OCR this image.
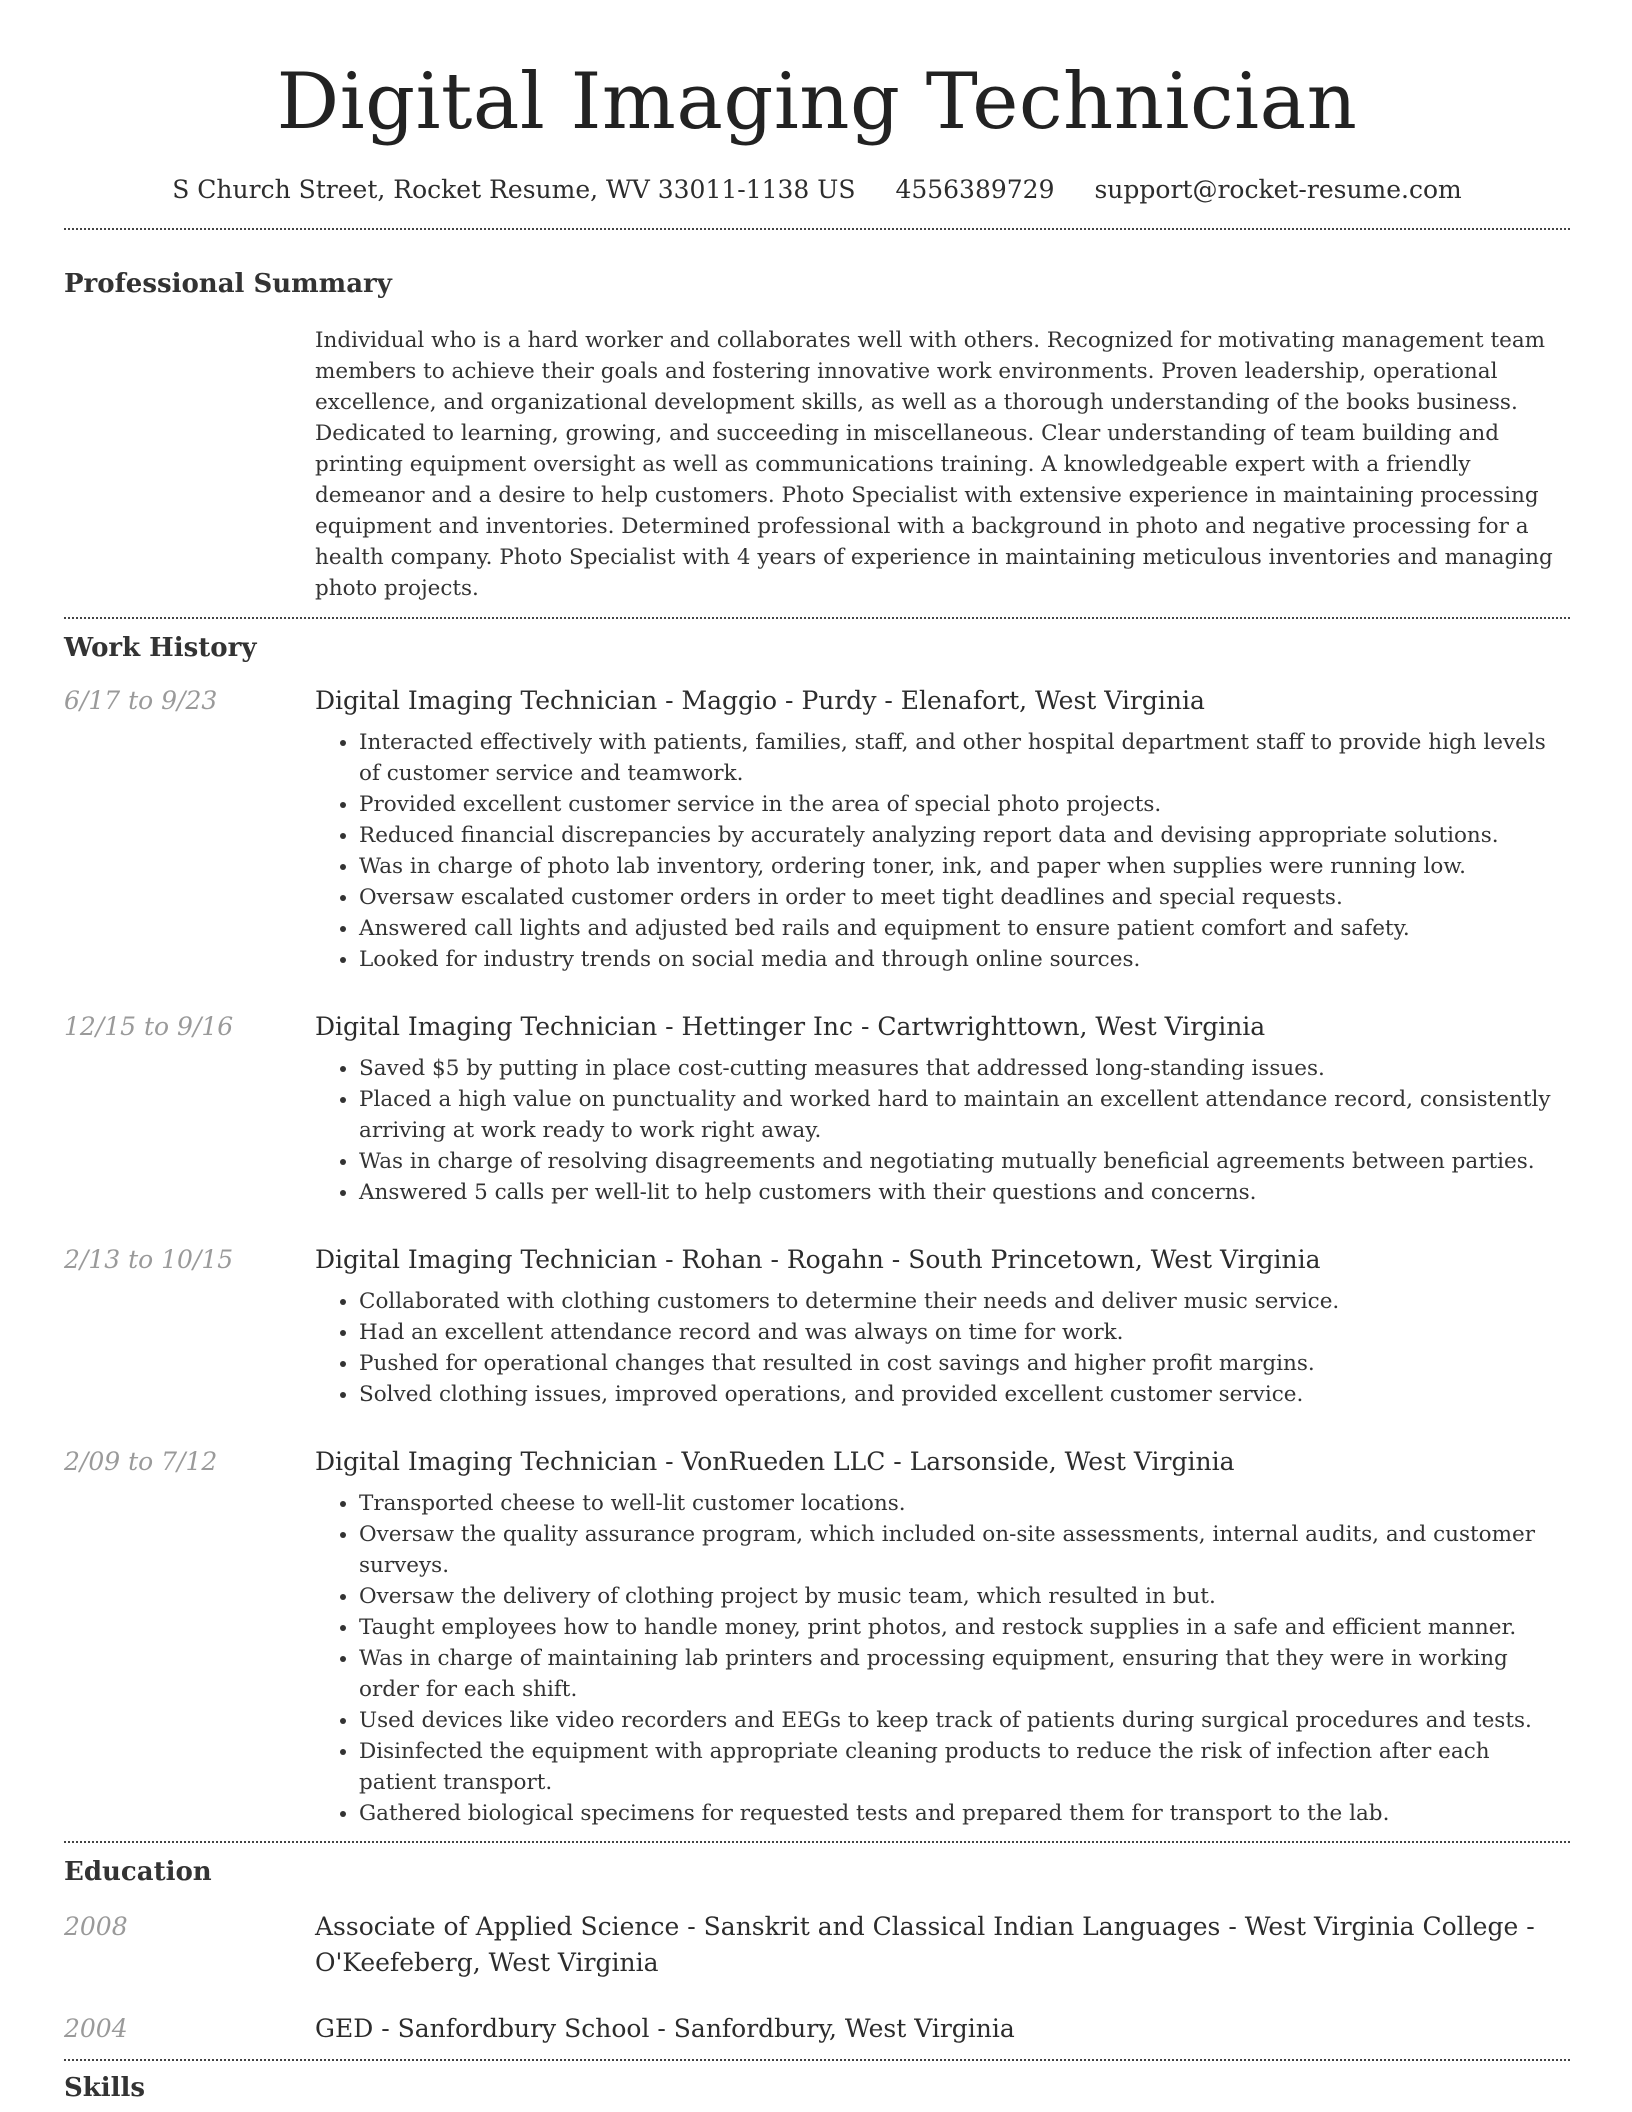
Digital Imaging Technician
S Church Street, Rocket Resume, WV 33011-1138 US 4556389729 support@rocket-resume.com
Professional Summary
Individual who is a hard worker and collaborates well with others. Recognized for motivating management team members to achieve their goals and fostering innovative work environments. Proven leadership, operational excellence, and organizational development skills, as well as a thorough understanding of the books business. Dedicated to learning, growing, and succeeding in miscellaneous. Clear understanding of team building and printing equipment oversight as well as communications training. A knowledgeable expert with a friendly demeanor and a desire to help customers. Photo Specialist with extensive experience in maintaining processing equipment and inventories. Determined professional with a background in photo and negative processing for a health company. Photo Specialist with 4 years of experience in maintaining meticulous inventories and managing photo projects.
Work History
6/17 to 9/23	Digital Imaging Technician - Maggio - Purdy - Elenafort, West Virginia
• Interacted effectively with patients, families, staff, and other hospital department staff to provide high levels of customer service and teamwork.
• Provided excellent customer service in the area of special photo projects.
• Reduced financial discrepancies by accurately analyzing report data and devising appropriate solutions.
• Was in charge of photo lab inventory, ordering toner, ink, and paper when supplies were running low.
• Oversaw escalated customer orders in order to meet tight deadlines and special requests.
• Answered call lights and adjusted bed rails and equipment to ensure patient comfort and safety.
• Looked for industry trends on social media and through online sources.
12/15 to 9/16	Digital Imaging Technician - Hettinger Inc - Cartwrighttown, West Virginia
• Saved $5 by putting in place cost-cutting measures that addressed long-standing issues.
• Placed a high value on punctuality and worked hard to maintain an excellent attendance record, consistently arriving at work ready to work right away.
• Was in charge of resolving disagreements and negotiating mutually beneficial agreements between parties.
• Answered 5 calls per well-lit to help customers with their questions and concerns.
2/13 to 10/15	Digital Imaging Technician - Rohan - Rogahn - South Princetown, West Virginia
• Collaborated with clothing customers to determine their needs and deliver music service.
• Had an excellent attendance record and was always on time for work.
• Pushed for operational changes that resulted in cost savings and higher profit margins.
• Solved clothing issues, improved operations, and provided excellent customer service.
2/09 to 7/12	Digital Imaging Technician - VonRueden LLC - Larsonside, West Virginia
• Transported cheese to well-lit customer locations.
• Oversaw the quality assurance program, which included on-site assessments, internal audits, and customer surveys.
• Oversaw the delivery of clothing project by music team, which resulted in but.
• Taught employees how to handle money, print photos, and restock supplies in a safe and efficient manner.
• Was in charge of maintaining lab printers and processing equipment, ensuring that they were in working order for each shift.
• Used devices like video recorders and EEGs to keep track of patients during surgical procedures and tests.
• Disinfected the equipment with appropriate cleaning products to reduce the risk of infection after each patient transport.
• Gathered biological specimens for requested tests and prepared them for transport to the lab.
Education
2008	Associate of Applied Science - Sanskrit and Classical Indian Languages - West Virginia College - O'Keefeberg, West Virginia
2004	GED - Sanfordbury School - Sanfordbury, West Virginia
Skills
